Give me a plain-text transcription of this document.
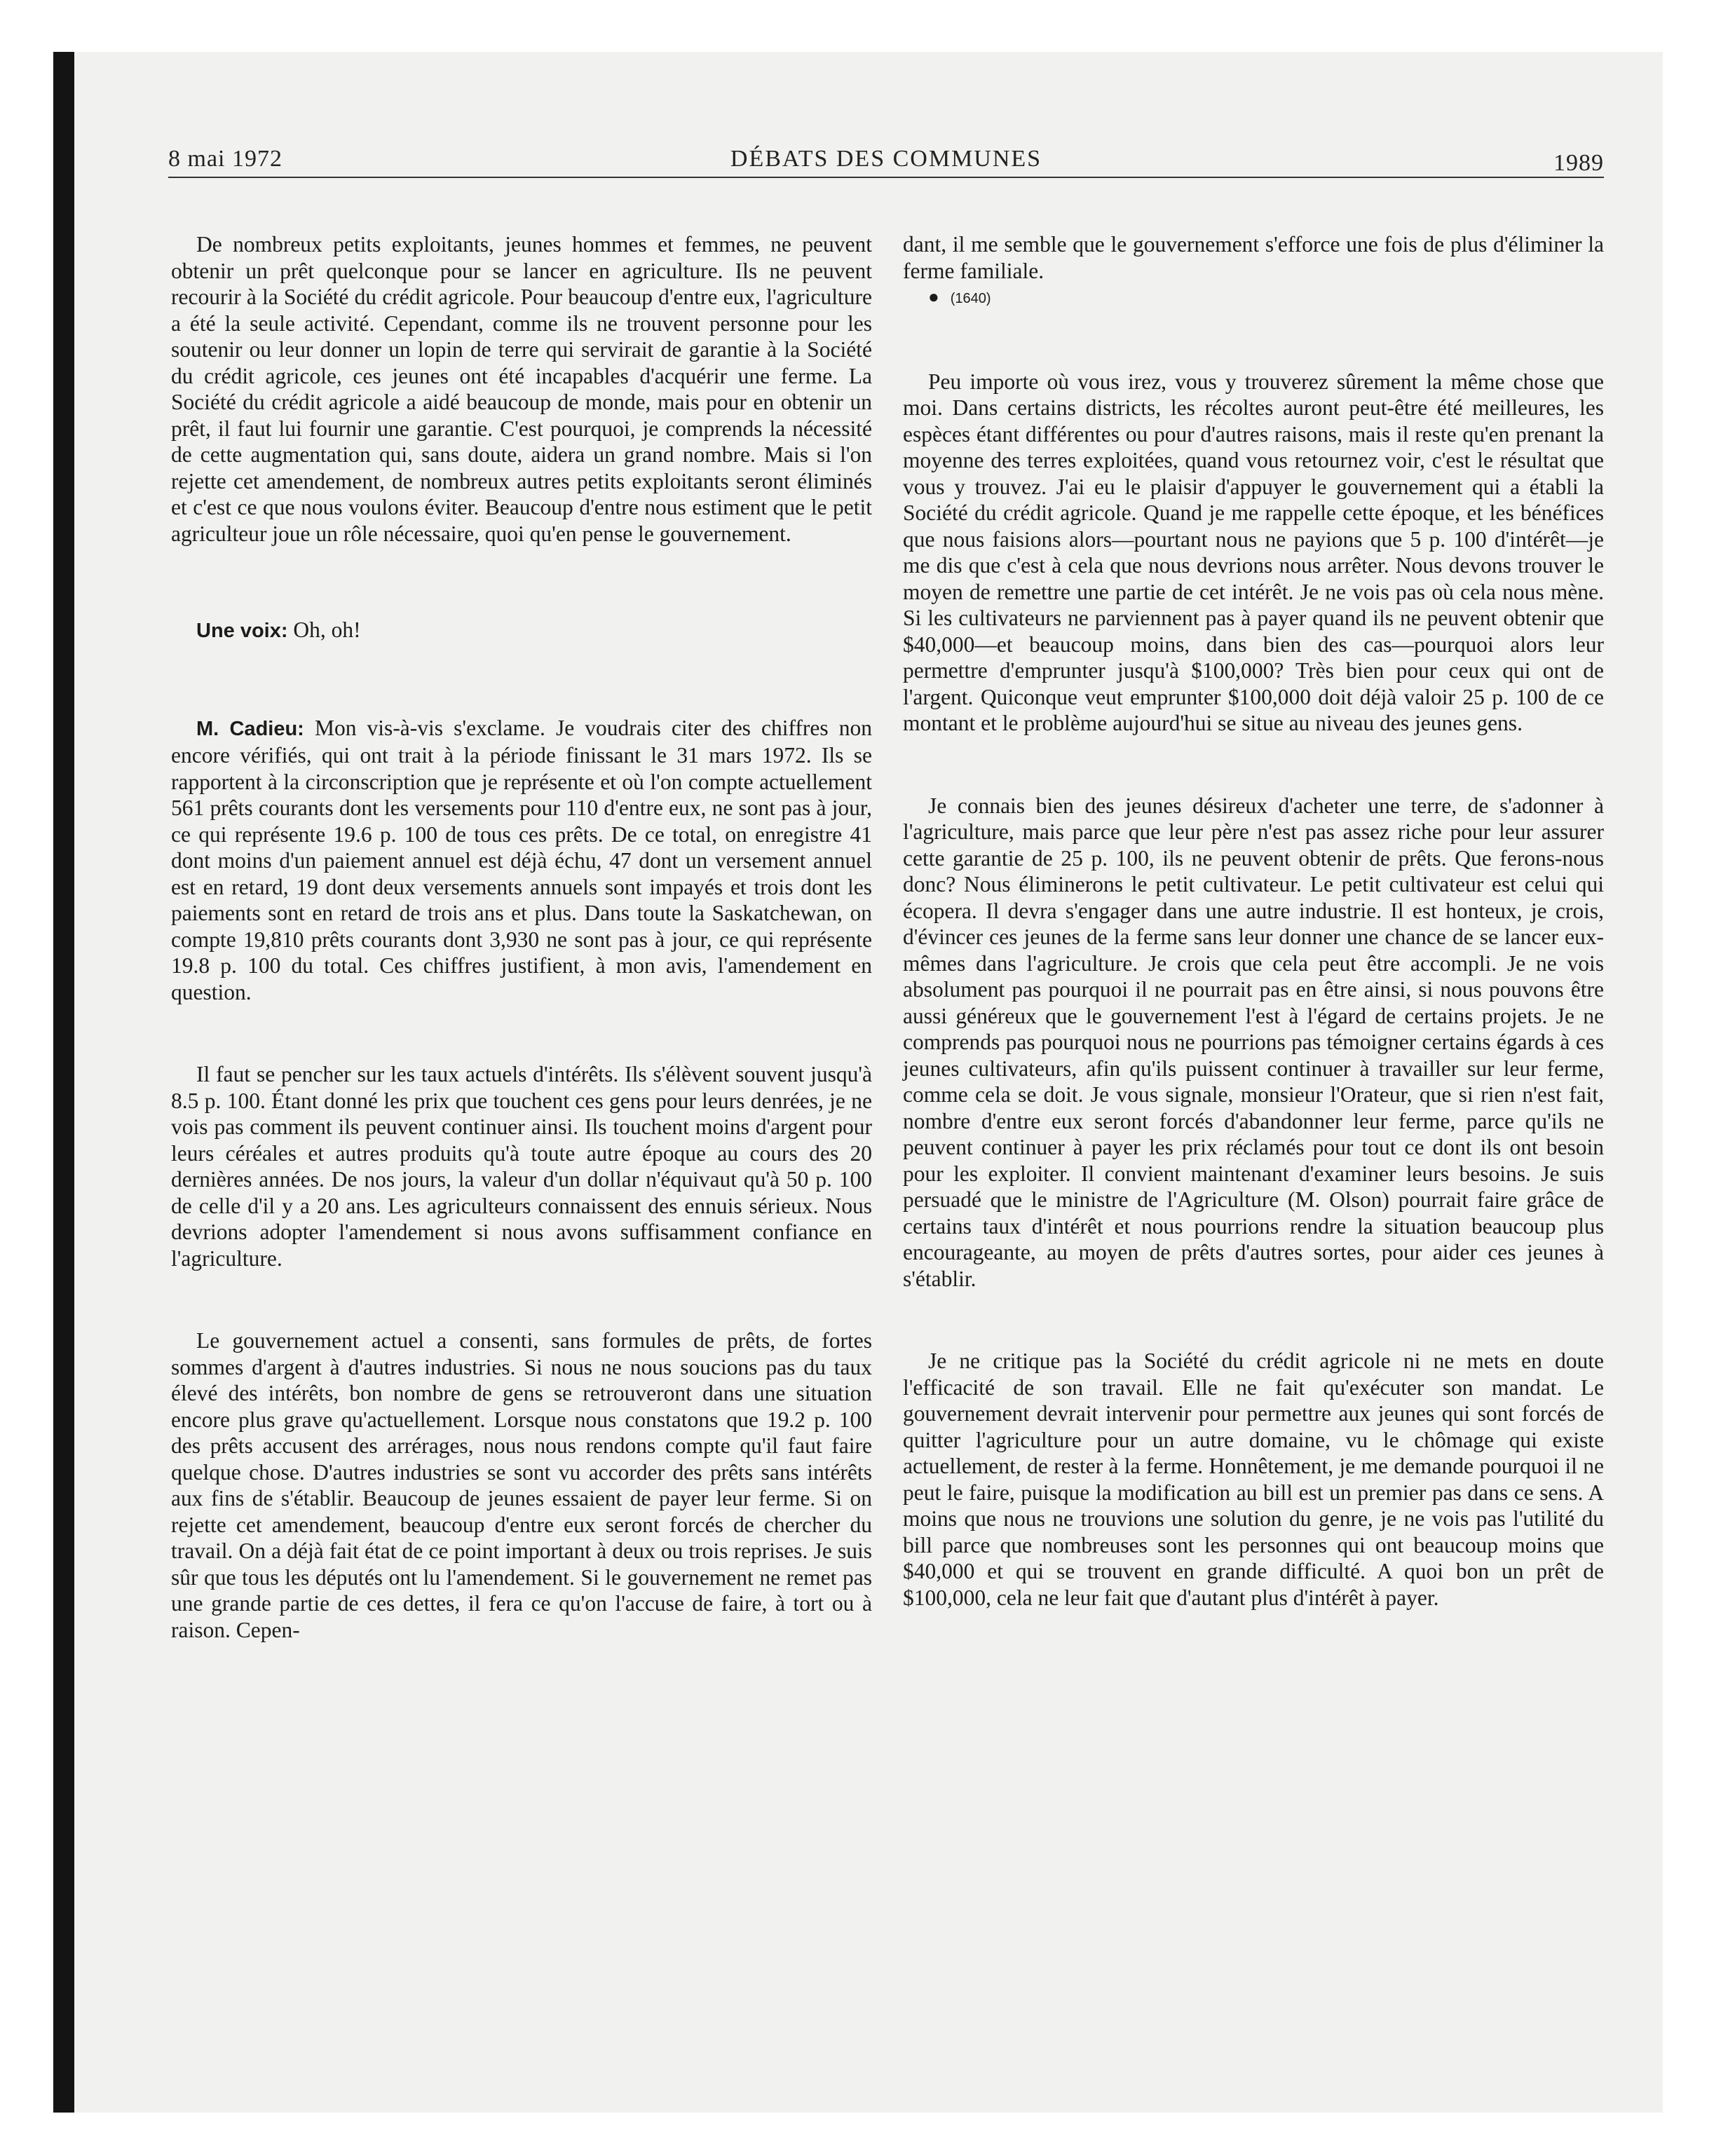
8 mai 1972	DÉBATS DES COMMUNES	1989

De nombreux petits exploitants, jeunes hommes et femmes, ne peuvent obtenir un prêt quelconque pour se lancer en agriculture. Ils ne peuvent recourir à la Société du crédit agricole. Pour beaucoup d'entre eux, l'agriculture a été la seule activité. Cependant, comme ils ne trouvent personne pour les soutenir ou leur donner un lopin de terre qui servirait de garantie à la Société du crédit agricole, ces jeunes ont été incapables d'acquérir une ferme. La Société du crédit agricole a aidé beaucoup de monde, mais pour en obtenir un prêt, il faut lui fournir une garantie. C'est pourquoi, je comprends la nécessité de cette augmentation qui, sans doute, aidera un grand nombre. Mais si l'on rejette cet amendement, de nombreux autres petits exploitants seront éliminés et c'est ce que nous voulons éviter. Beaucoup d'entre nous estiment que le petit agriculteur joue un rôle nécessaire, quoi qu'en pense le gouvernement.

Une voix: Oh, oh!

M. Cadieu: Mon vis-à-vis s'exclame. Je voudrais citer des chiffres non encore vérifiés, qui ont trait à la période finissant le 31 mars 1972. Ils se rapportent à la circonscription que je représente et où l'on compte actuellement 561 prêts courants dont les versements pour 110 d'entre eux, ne sont pas à jour, ce qui représente 19.6 p. 100 de tous ces prêts. De ce total, on enregistre 41 dont moins d'un paiement annuel est déjà échu, 47 dont un versement annuel est en retard, 19 dont deux versements annuels sont impayés et trois dont les paiements sont en retard de trois ans et plus. Dans toute la Saskatchewan, on compte 19,810 prêts courants dont 3,930 ne sont pas à jour, ce qui représente 19.8 p. 100 du total. Ces chiffres justifient, à mon avis, l'amendement en question.

Il faut se pencher sur les taux actuels d'intérêts. Ils s'élèvent souvent jusqu'à 8.5 p. 100. Étant donné les prix que touchent ces gens pour leurs denrées, je ne vois pas comment ils peuvent continuer ainsi. Ils touchent moins d'argent pour leurs céréales et autres produits qu'à toute autre époque au cours des 20 dernières années. De nos jours, la valeur d'un dollar n'équivaut qu'à 50 p. 100 de celle d'il y a 20 ans. Les agriculteurs connaissent des ennuis sérieux. Nous devrions adopter l'amendement si nous avons suffisamment confiance en l'agriculture.

Le gouvernement actuel a consenti, sans formules de prêts, de fortes sommes d'argent à d'autres industries. Si nous ne nous soucions pas du taux élevé des intérêts, bon nombre de gens se retrouveront dans une situation encore plus grave qu'actuellement. Lorsque nous constatons que 19.2 p. 100 des prêts accusent des arrérages, nous nous rendons compte qu'il faut faire quelque chose. D'autres industries se sont vu accorder des prêts sans intérêts aux fins de s'établir. Beaucoup de jeunes essaient de payer leur ferme. Si on rejette cet amendement, beaucoup d'entre eux seront forcés de chercher du travail. On a déjà fait état de ce point important à deux ou trois reprises. Je suis sûr que tous les députés ont lu l'amendement. Si le gouvernement ne remet pas une grande partie de ces dettes, il fera ce qu'on l'accuse de faire, à tort ou à raison. Cepen-

dant, il me semble que le gouvernement s'efforce une fois de plus d'éliminer la ferme familiale.

● (1640)

Peu importe où vous irez, vous y trouverez sûrement la même chose que moi. Dans certains districts, les récoltes auront peut-être été meilleures, les espèces étant différentes ou pour d'autres raisons, mais il reste qu'en prenant la moyenne des terres exploitées, quand vous retournez voir, c'est le résultat que vous y trouvez. J'ai eu le plaisir d'appuyer le gouvernement qui a établi la Société du crédit agricole. Quand je me rappelle cette époque, et les bénéfices que nous faisions alors—pourtant nous ne payions que 5 p. 100 d'intérêt—je me dis que c'est à cela que nous devrions nous arrêter. Nous devons trouver le moyen de remettre une partie de cet intérêt. Je ne vois pas où cela nous mène. Si les cultivateurs ne parviennent pas à payer quand ils ne peuvent obtenir que $40,000—et beaucoup moins, dans bien des cas—pourquoi alors leur permettre d'emprunter jusqu'à $100,000? Très bien pour ceux qui ont de l'argent. Quiconque veut emprunter $100,000 doit déjà valoir 25 p. 100 de ce montant et le problème aujourd'hui se situe au niveau des jeunes gens.

Je connais bien des jeunes désireux d'acheter une terre, de s'adonner à l'agriculture, mais parce que leur père n'est pas assez riche pour leur assurer cette garantie de 25 p. 100, ils ne peuvent obtenir de prêts. Que ferons-nous donc? Nous éliminerons le petit cultivateur. Le petit cultivateur est celui qui écopera. Il devra s'engager dans une autre industrie. Il est honteux, je crois, d'évincer ces jeunes de la ferme sans leur donner une chance de se lancer eux-mêmes dans l'agriculture. Je crois que cela peut être accompli. Je ne vois absolument pas pourquoi il ne pourrait pas en être ainsi, si nous pouvons être aussi généreux que le gouvernement l'est à l'égard de certains projets. Je ne comprends pas pourquoi nous ne pourrions pas témoigner certains égards à ces jeunes cultivateurs, afin qu'ils puissent continuer à travailler sur leur ferme, comme cela se doit. Je vous signale, monsieur l'Orateur, que si rien n'est fait, nombre d'entre eux seront forcés d'abandonner leur ferme, parce qu'ils ne peuvent continuer à payer les prix réclamés pour tout ce dont ils ont besoin pour les exploiter. Il convient maintenant d'examiner leurs besoins. Je suis persuadé que le ministre de l'Agriculture (M. Olson) pourrait faire grâce de certains taux d'intérêt et nous pourrions rendre la situation beaucoup plus encourageante, au moyen de prêts d'autres sortes, pour aider ces jeunes à s'établir.

Je ne critique pas la Société du crédit agricole ni ne mets en doute l'efficacité de son travail. Elle ne fait qu'exécuter son mandat. Le gouvernement devrait intervenir pour permettre aux jeunes qui sont forcés de quitter l'agriculture pour un autre domaine, vu le chômage qui existe actuellement, de rester à la ferme. Honnêtement, je me demande pourquoi il ne peut le faire, puisque la modification au bill est un premier pas dans ce sens. A moins que nous ne trouvions une solution du genre, je ne vois pas l'utilité du bill parce que nombreuses sont les personnes qui ont beaucoup moins que $40,000 et qui se trouvent en grande difficulté. A quoi bon un prêt de $100,000, cela ne leur fait que d'autant plus d'intérêt à payer.
